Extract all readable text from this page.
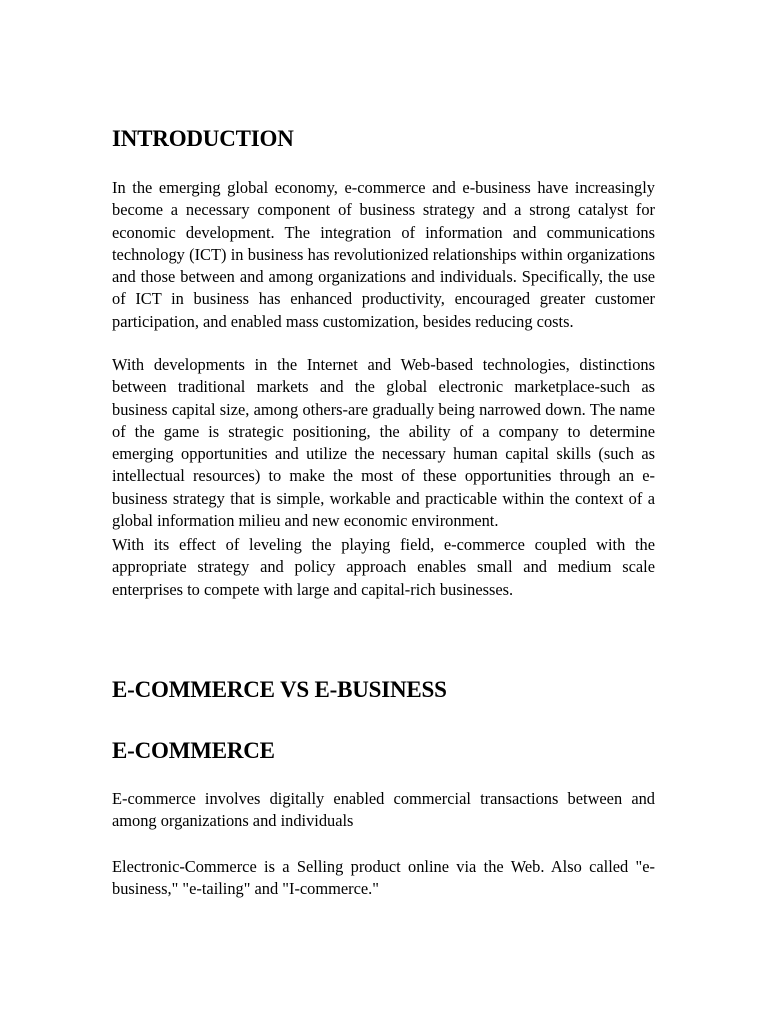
INTRODUCTION

In the emerging global economy, e-commerce and e-business have increasingly become a necessary component of business strategy and a strong catalyst for economic development. The integration of information and communications technology (ICT) in business has revolutionized relationships within organizations and those between and among organizations and individuals. Specifically, the use of ICT in business has enhanced productivity, encouraged greater customer participation, and enabled mass customization, besides reducing costs.

With developments in the Internet and Web-based technologies, distinctions between traditional markets and the global electronic marketplace-such as business capital size, among others-are gradually being narrowed down. The name of the game is strategic positioning, the ability of a company to determine emerging opportunities and utilize the necessary human capital skills (such as intellectual resources) to make the most of these opportunities through an e-business strategy that is simple, workable and practicable within the context of a global information milieu and new economic environment.

With its effect of leveling the playing field, e-commerce coupled with the appropriate strategy and policy approach enables small and medium scale enterprises to compete with large and capital-rich businesses.

E-COMMERCE VS E-BUSINESS
E-COMMERCE

E-commerce involves digitally enabled commercial transactions between and among organizations and individuals

Electronic-Commerce is a Selling product online via the Web. Also called "e-business," "e-tailing" and "I-commerce."
